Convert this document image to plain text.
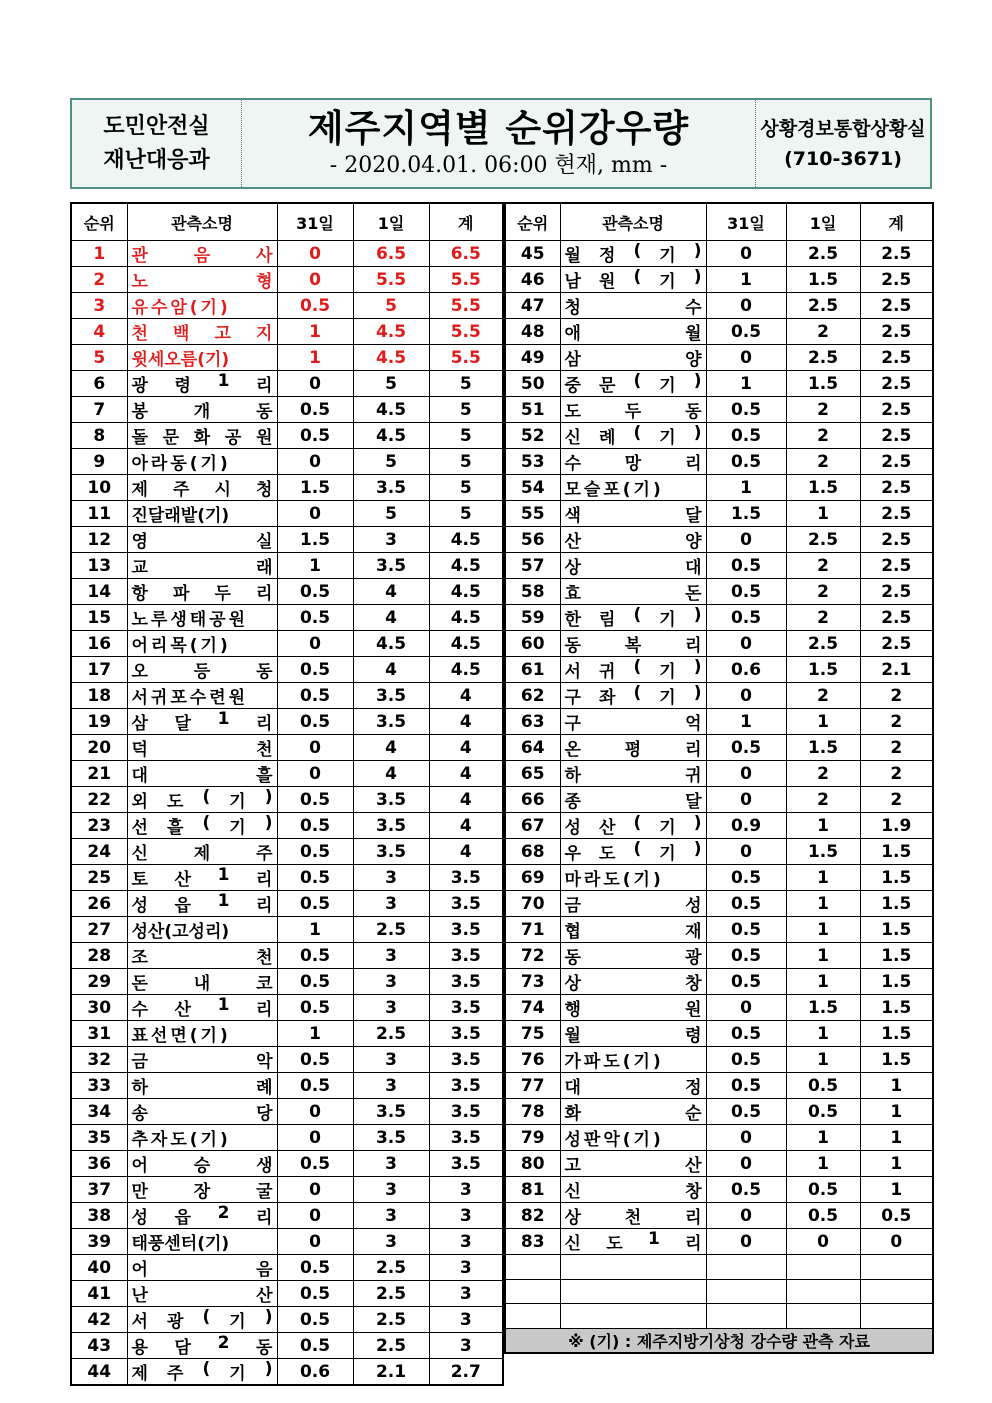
도민안전실
재난대응과
제주지역별 순위강우량
- 2020.04.01. 06:00 현재, mm -
상황경보통합상황실
(710-3671)
순위	관측소명	31일	1일	계
1	관 음 사	0	6.5	6.5
2	노 형	0	5.5	5.5
3	유수암(기)	0.5	5	5.5
4	천 백 고 지	1	4.5	5.5
5	윗세오름(기)	1	4.5	5.5
6	광 령 1 리	0	5	5
7	봉 개 동	0.5	4.5	5
8	돌 문 화 공 원	0.5	4.5	5
9	아라동(기)	0	5	5
10	제 주 시 청	1.5	3.5	5
11	진달래밭(기)	0	5	5
12	영 실	1.5	3	4.5
13	교 래	1	3.5	4.5
14	항 파 두 리	0.5	4	4.5
15	노루생태공원	0.5	4	4.5
16	어리목(기)	0	4.5	4.5
17	오 등 동	0.5	4	4.5
18	서귀포수련원	0.5	3.5	4
19	삼 달 1 리	0.5	3.5	4
20	덕 천	0	4	4
21	대 흘	0	4	4
22	외 도 ( 기 )	0.5	3.5	4
23	선 흘 ( 기 )	0.5	3.5	4
24	신 제 주	0.5	3.5	4
25	토 산 1 리	0.5	3	3.5
26	성 읍 1 리	0.5	3	3.5
27	성산(고성리)	1	2.5	3.5
28	조 천	0.5	3	3.5
29	돈 내 코	0.5	3	3.5
30	수 산 1 리	0.5	3	3.5
31	표선면(기)	1	2.5	3.5
32	금 악	0.5	3	3.5
33	하 례	0.5	3	3.5
34	송 당	0	3.5	3.5
35	추자도(기)	0	3.5	3.5
36	어 승 생	0.5	3	3.5
37	만 장 굴	0	3	3
38	성 읍 2 리	0	3	3
39	태풍센터(기)	0	3	3
40	어 음	0.5	2.5	3
41	난 산	0.5	2.5	3
42	서 광 ( 기 )	0.5	2.5	3
43	용 담 2 동	0.5	2.5	3
44	제 주 ( 기 )	0.6	2.1	2.7
순위	관측소명	31일	1일	계
45	월 정 ( 기 )	0	2.5	2.5
46	남 원 ( 기 )	1	1.5	2.5
47	청 수	0	2.5	2.5
48	애 월	0.5	2	2.5
49	삼 양	0	2.5	2.5
50	중 문 ( 기 )	1	1.5	2.5
51	도 두 동	0.5	2	2.5
52	신 례 ( 기 )	0.5	2	2.5
53	수 망 리	0.5	2	2.5
54	모슬포(기)	1	1.5	2.5
55	색 달	1.5	1	2.5
56	산 양	0	2.5	2.5
57	상 대	0.5	2	2.5
58	효 돈	0.5	2	2.5
59	한 림 ( 기 )	0.5	2	2.5
60	동 복 리	0	2.5	2.5
61	서 귀 ( 기 )	0.6	1.5	2.1
62	구 좌 ( 기 )	0	2	2
63	구 억	1	1	2
64	온 평 리	0.5	1.5	2
65	하 귀	0	2	2
66	종 달	0	2	2
67	성 산 ( 기 )	0.9	1	1.9
68	우 도 ( 기 )	0	1.5	1.5
69	마라도(기)	0.5	1	1.5
70	금 성	0.5	1	1.5
71	협 재	0.5	1	1.5
72	동 광	0.5	1	1.5
73	상 창	0.5	1	1.5
74	행 원	0	1.5	1.5
75	월 령	0.5	1	1.5
76	가파도(기)	0.5	1	1.5
77	대 정	0.5	0.5	1
78	화 순	0.5	0.5	1
79	성판악(기)	0	1	1
80	고 산	0	1	1
81	신 창	0.5	0.5	1
82	상 천 리	0	0.5	0.5
83	신 도 1 리	0	0	0

※ (기) : 제주지방기상청 강수량 관측 자료				
